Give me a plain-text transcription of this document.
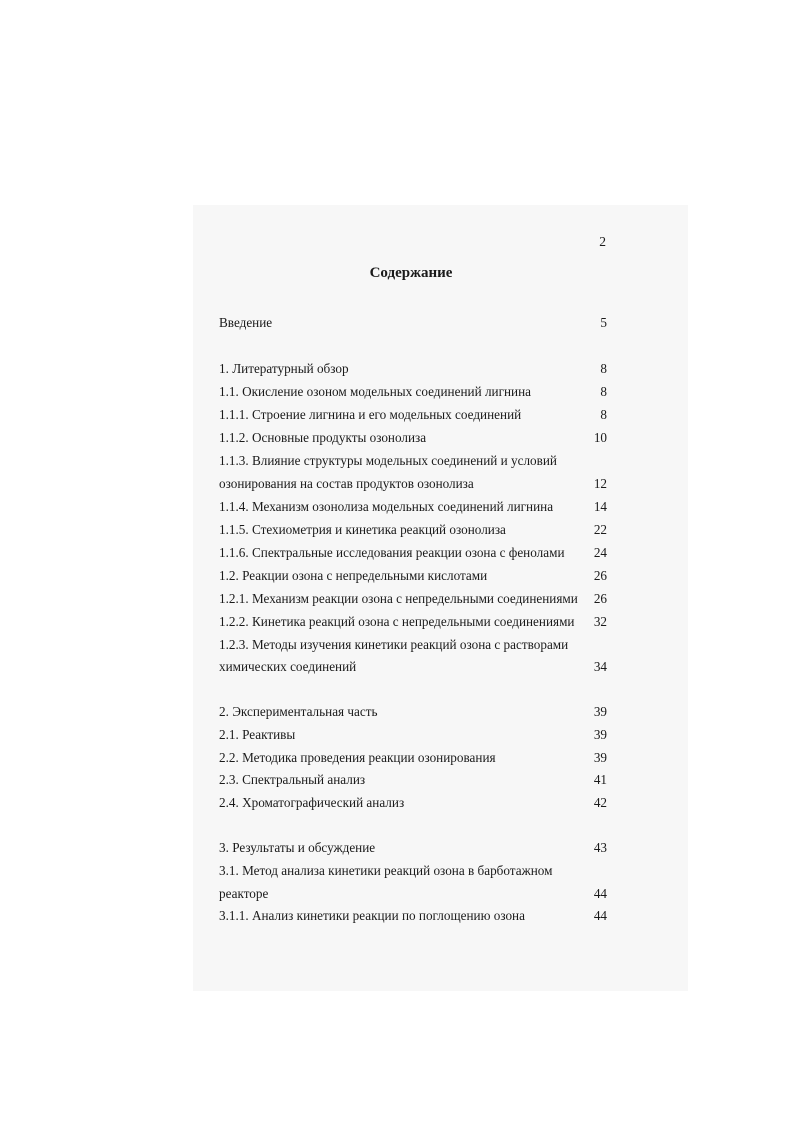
2
Содержание
Введение	5
1. Литературный обзор	8
1.1. Окисление озоном модельных соединений лигнина	8
1.1.1. Строение лигнина и его модельных соединений	8
1.1.2. Основные продукты озонолиза	10
1.1.3. Влияние структуры модельных соединений и условий
озонирования на состав продуктов озонолиза	12
1.1.4. Механизм озонолиза модельных соединений лигнина	14
1.1.5. Стехиометрия и кинетика реакций озонолиза	22
1.1.6. Спектральные исследования реакции озона с фенолами 24
1.2. Реакции озона с непредельными кислотами	26
1.2.1. Механизм реакции озона с непредельными соединениями 26
1.2.2. Кинетика реакций озона с непредельными соединениями 32
1.2.3. Методы изучения кинетики реакций озона с растворами
химических соединений	34
2. Экспериментальная часть	39
2.1. Реактивы	39
2.2. Методика проведения реакции озонирования	39
2.3. Спектральный анализ	41
2.4. Хроматографический анализ	42
3. Результаты и обсуждение	43
3.1. Метод анализа кинетики реакций озона в барботажном
реакторе	44
3.1.1. Анализ кинетики реакции по поглощению озона	44
